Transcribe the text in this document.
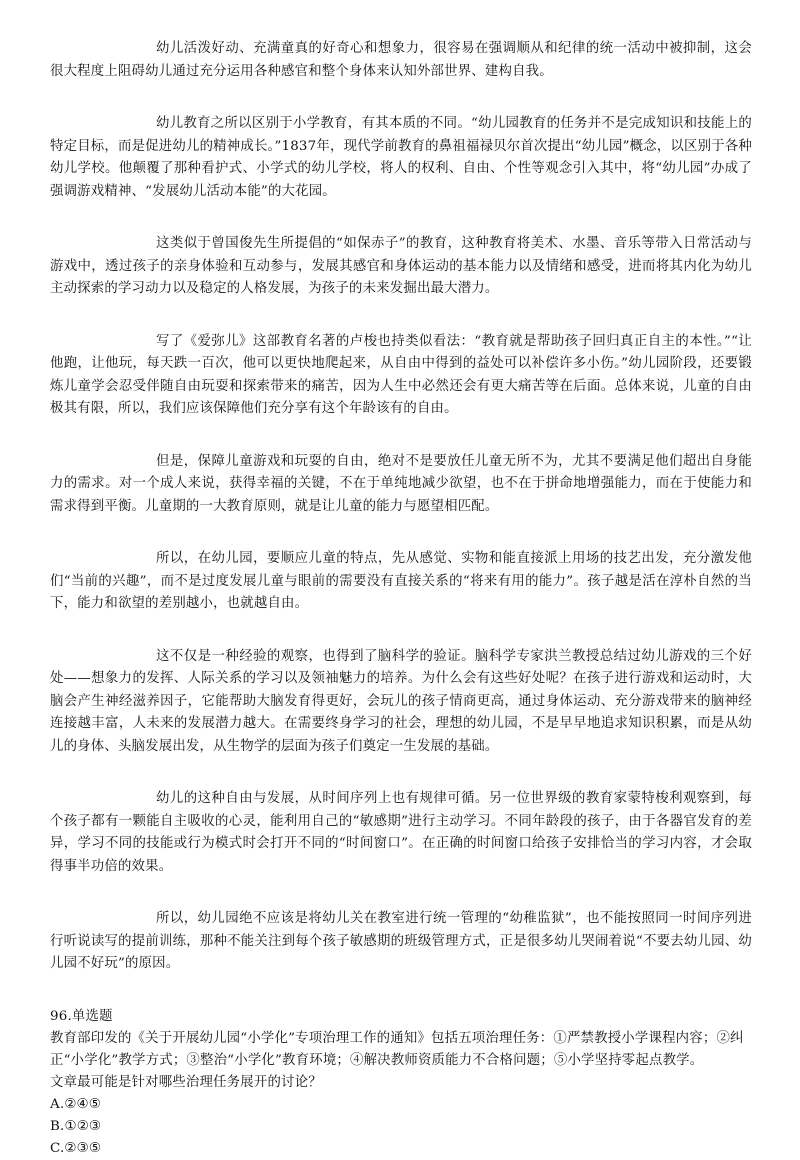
幼儿活泼好动、充满童真的好奇心和想象力，很容易在强调顺从和纪律的统一活动中被抑制，这会很大程度上阻碍幼儿通过充分运用各种感官和整个身体来认知外部世界、建构自我。

幼儿教育之所以区别于小学教育，有其本质的不同。“幼儿园教育的任务并不是完成知识和技能上的特定目标，而是促进幼儿的精神成长。”1837年，现代学前教育的鼻祖福禄贝尔首次提出“幼儿园”概念，以区别于各种幼儿学校。他颠覆了那种看护式、小学式的幼儿学校，将人的权利、自由、个性等观念引入其中，将“幼儿园”办成了强调游戏精神、“发展幼儿活动本能”的大花园。

这类似于曾国俊先生所提倡的“如保赤子”的教育，这种教育将美术、水墨、音乐等带入日常活动与游戏中，透过孩子的亲身体验和互动参与，发展其感官和身体运动的基本能力以及情绪和感受，进而将其内化为幼儿主动探索的学习动力以及稳定的人格发展，为孩子的未来发掘出最大潜力。

写了《爱弥儿》这部教育名著的卢梭也持类似看法：“教育就是帮助孩子回归真正自主的本性。”“让他跑，让他玩，每天跌一百次，他可以更快地爬起来，从自由中得到的益处可以补偿许多小伤。”幼儿园阶段，还要锻炼儿童学会忍受伴随自由玩耍和探索带来的痛苦，因为人生中必然还会有更大痛苦等在后面。总体来说，儿童的自由极其有限，所以，我们应该保障他们充分享有这个年龄该有的自由。

但是，保障儿童游戏和玩耍的自由，绝对不是要放任儿童无所不为，尤其不要满足他们超出自身能力的需求。对一个成人来说，获得幸福的关键，不在于单纯地减少欲望，也不在于拼命地增强能力，而在于使能力和需求得到平衡。儿童期的一大教育原则，就是让儿童的能力与愿望相匹配。

所以，在幼儿园，要顺应儿童的特点，先从感觉、实物和能直接派上用场的技艺出发，充分激发他们“当前的兴趣”，而不是过度发展儿童与眼前的需要没有直接关系的“将来有用的能力”。孩子越是活在淳朴自然的当下，能力和欲望的差别越小，也就越自由。

这不仅是一种经验的观察，也得到了脑科学的验证。脑科学专家洪兰教授总结过幼儿游戏的三个好处——想象力的发挥、人际关系的学习以及领袖魅力的培养。为什么会有这些好处呢？在孩子进行游戏和运动时，大脑会产生神经滋养因子，它能帮助大脑发育得更好，会玩儿的孩子情商更高，通过身体运动、充分游戏带来的脑神经连接越丰富，人未来的发展潜力越大。在需要终身学习的社会，理想的幼儿园，不是早早地追求知识积累，而是从幼儿的身体、头脑发展出发，从生物学的层面为孩子们奠定一生发展的基础。

幼儿的这种自由与发展，从时间序列上也有规律可循。另一位世界级的教育家蒙特梭利观察到，每个孩子都有一颗能自主吸收的心灵，能利用自己的“敏感期”进行主动学习。不同年龄段的孩子，由于各器官发育的差异，学习不同的技能或行为模式时会打开不同的“时间窗口”。在正确的时间窗口给孩子安排恰当的学习内容，才会取得事半功倍的效果。

所以，幼儿园绝不应该是将幼儿关在教室进行统一管理的“幼稚监狱”，也不能按照同一时间序列进行听说读写的提前训练，那种不能关注到每个孩子敏感期的班级管理方式，正是很多幼儿哭闹着说“不要去幼儿园、幼儿园不好玩”的原因。

96.单选题

教育部印发的《关于开展幼儿园“小学化”专项治理工作的通知》包括五项治理任务：①严禁教授小学课程内容；②纠正“小学化”教学方式；③整治“小学化”教育环境；④解决教师资质能力不合格问题；⑤小学坚持零起点教学。

文章最可能是针对哪些治理任务展开的讨论？

A.②④⑤

B.①②③

C.②③⑤
